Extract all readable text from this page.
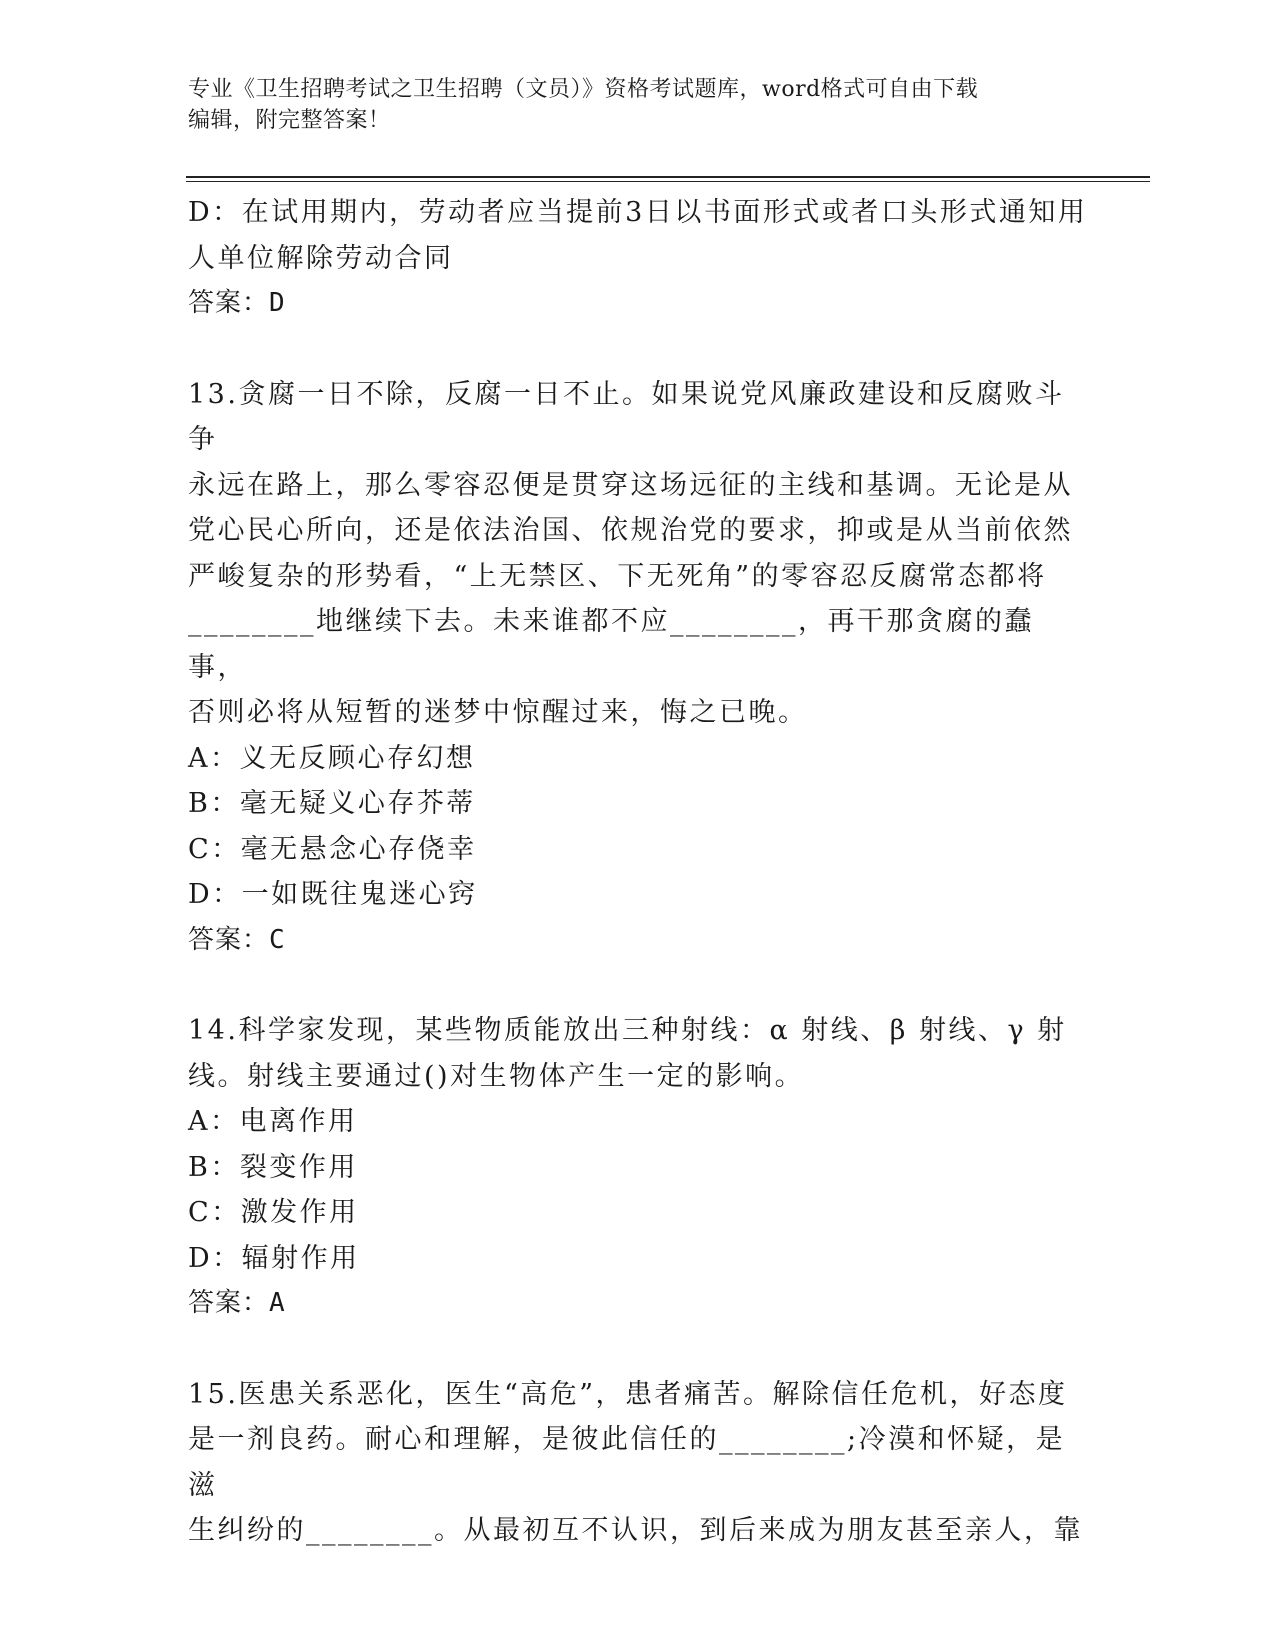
专业《卫生招聘考试之卫生招聘（文员）》资格考试题库，word格式可自由下载
编辑，附完整答案！

D：在试用期内，劳动者应当提前3日以书面形式或者口头形式通知用

人单位解除劳动合同

答案：D

13.贪腐一日不除，反腐一日不止。如果说党风廉政建设和反腐败斗争

永远在路上，那么零容忍便是贯穿这场远征的主线和基调。无论是从

党心民心所向，还是依法治国、依规治党的要求，抑或是从当前依然

严峻复杂的形势看，“上无禁区、下无死角”的零容忍反腐常态都将

________地继续下去。未来谁都不应________，再干那贪腐的蠢事，

否则必将从短暂的迷梦中惊醒过来，悔之已晚。

A：义无反顾心存幻想

B：毫无疑义心存芥蒂

C：毫无悬念心存侥幸

D：一如既往鬼迷心窍

答案：C

14.科学家发现，某些物质能放出三种射线：α 射线、β 射线、γ 射

线。射线主要通过()对生物体产生一定的影响。

A：电离作用

B：裂变作用

C：激发作用

D：辐射作用

答案：A

15.医患关系恶化，医生“高危”，患者痛苦。解除信任危机，好态度

是一剂良药。耐心和理解，是彼此信任的________;冷漠和怀疑，是滋

生纠纷的________。从最初互不认识，到后来成为朋友甚至亲人，靠
